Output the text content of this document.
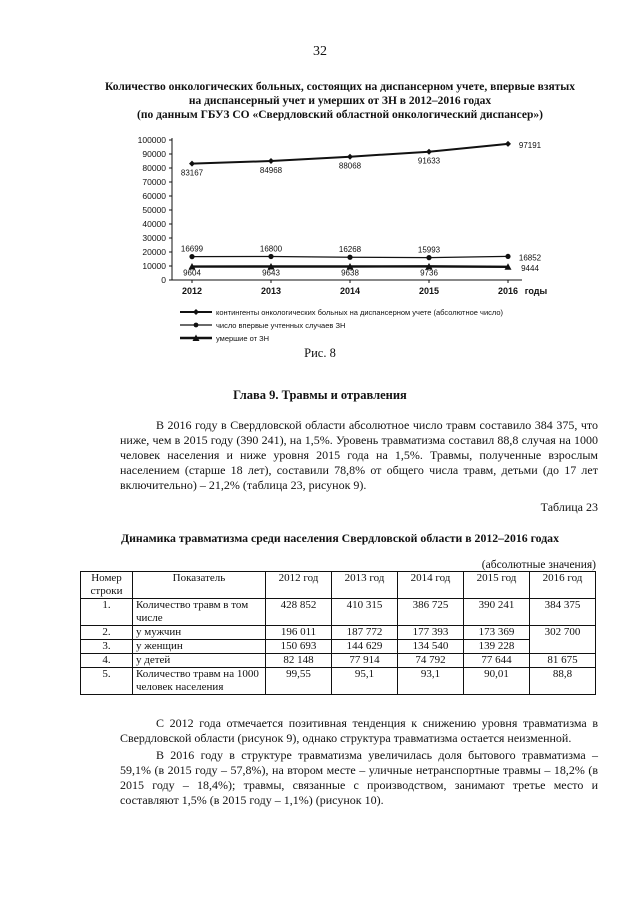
32
Количество онкологических больных, состоящих на диспансерном учете, впервые взятых
на диспансерный учет и умерших от ЗН в 2012–2016 годах
(по данным ГБУЗ СО «Свердловский областной онкологический диспансер»)
0
10000
20000
30000
40000
50000
60000
70000
80000
90000
100000
2012	2013	2014	2015	2016 годы
83167	84968	88068
91633
97191
16699	16800	16268	15993
16852
9604	9643	9638	9736
9444
контингенты онкологических больных на диспансерном учете (абсолютное число)
число впервые учтенных случаев ЗН
умершие от ЗН
Рис. 8
Глава 9. Травмы и отравления
В 2016 году в Свердловской области абсолютное число травм составило 384 375, что ниже, чем в 2015 году (390 241), на 1,5%. Уровень травматизма составил 88,8 случая на 1000 человек населения и ниже уровня 2015 года на 1,5%. Травмы, полученные взрослым населением (старше 18 лет), составили 78,8% от общего числа травм, детьми (до 17 лет включительно) – 21,2% (таблица 23, рисунок 9).
Таблица 23
Динамика травматизма среди населения Свердловской области в 2012–2016 годах
(абсолютные значения)
Номер строки	Показатель	2012 год	2013 год	2014 год	2015 год	2016 год
1.	Количество травм в том числе	428 852	410 315	386 725	390 241	384 375
2.	у мужчин	196 011	187 772	177 393	173 369	302 700
3.	у женщин	150 693	144 629	134 540	139 228	
4.	у детей	82 148	77 914	74 792	77 644	81 675
5.	Количество травм на 1000 человек населения	99,55	95,1	93,1	90,01	88,8
С 2012 года отмечается позитивная тенденция к снижению уровня травматизма в Свердловской области (рисунок 9), однако структура травматизма остается неизменной.
В 2016 году в структуре травматизма увеличилась доля бытового травматизма – 59,1% (в 2015 году – 57,8%), на втором месте – уличные нетранспортные травмы – 18,2% (в 2015 году – 18,4%); травмы, связанные с производством, занимают третье место и составляют 1,5% (в 2015 году – 1,1%) (рисунок 10).
